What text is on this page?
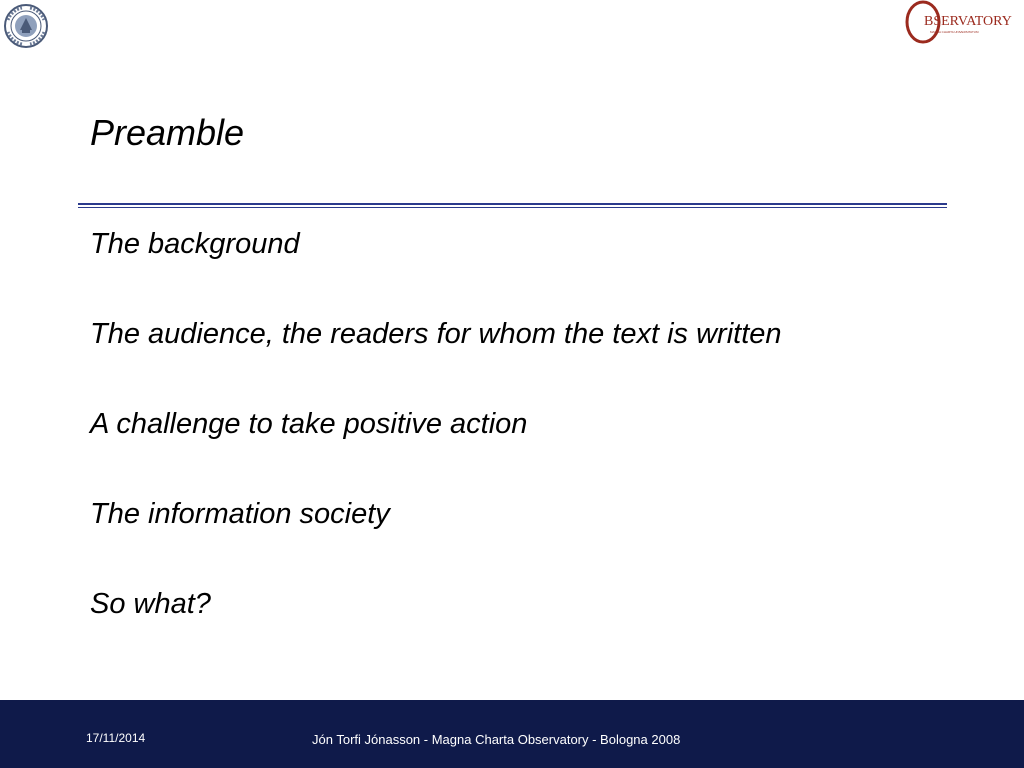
BSERVATORY
MAGNA CHARTA UNIVERSITATUM
Preamble
The background
The audience, the readers for whom the text is written
A challenge to take positive action
The information society
So what?
17/11/2014	Jón Torfi Jónasson - Magna Charta Observatory - Bologna 2008
